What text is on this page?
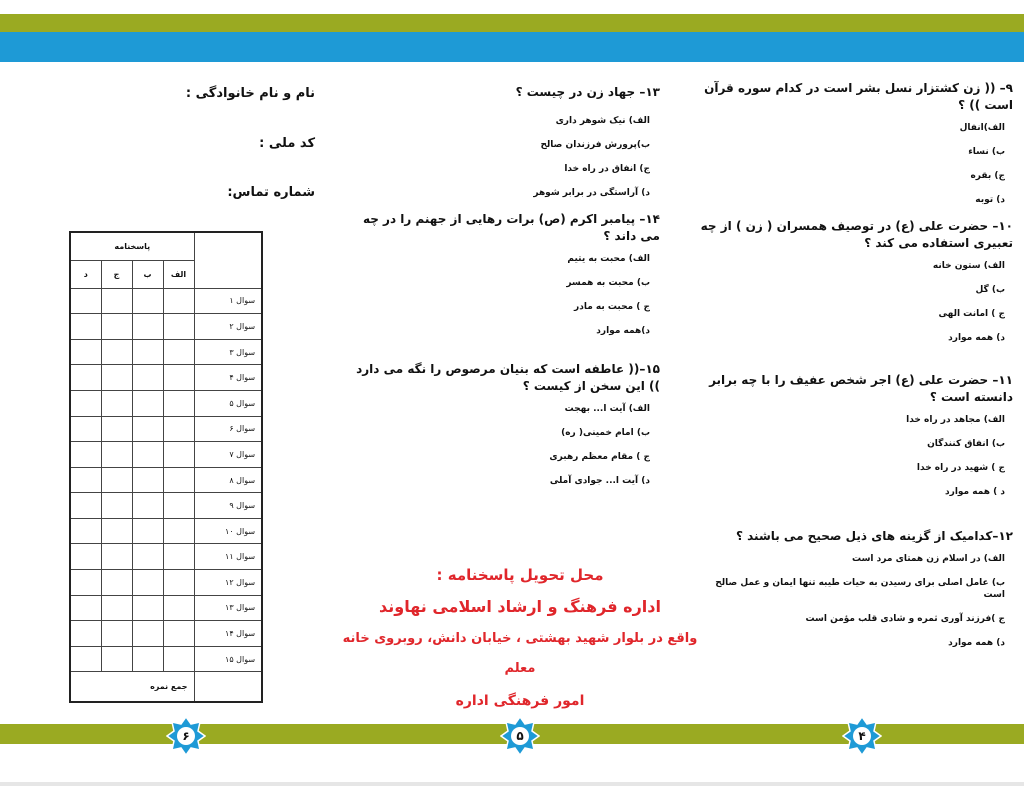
نام و نام خانوادگی :
کد ملی :
شماره تماس:
	پاسخنامه			
	الف	ب	ج	د
سوال ۱				
سوال ۲				
سوال ۳				
سوال ۴				
سوال ۵				
سوال ۶				
سوال ۷				
سوال ۸				
سوال ۹				
سوال ۱۰				
سوال ۱۱				
سوال ۱۲				
سوال ۱۳				
سوال ۱۴				
سوال ۱۵				
	جمع نمره			
۱۳– جهاد زن در چیست ؟
الف) نیک شوهر داری
ب)پرورش فرزندان صالح
ج) انفاق در راه خدا
د) آراستگی در برابر شوهر
۱۴– پیامبر اکرم (ص) برات رهایی از جهنم را در چه می داند ؟
الف) محبت به یتیم
ب) محبت به همسر
ج ) محبت به مادر
د)همه موارد
۱۵–(( عاطفه است که بنیان مرصوص را نگه می دارد )) این سخن از کیست ؟
الف) آیت ا... بهجت
ب) امام خمینی( ره)
ج ) مقام معظم رهبری
د) آیت ا... جوادی آملی
۹– (( زن کشتزار نسل بشر است در کدام سوره قرآن است )) ؟
الف)انفال
ب) نساء
ج) بقره
د) توبه
۱۰– حضرت علی (ع) در توصیف همسران ( زن ) از چه تعبیری استفاده می کند ؟
الف) ستون خانه
ب) گل
ج ) امانت الهی
د) همه موارد
۱۱– حضرت علی (ع) اجر شخص عفیف را با چه برابر دانسته است ؟
الف) مجاهد در راه خدا
ب) انفاق کنندگان
ج ) شهید در راه خدا
د ) همه موارد
۱۲–کدامیک از گزینه های ذیل صحیح می باشند ؟
الف) در اسلام زن همتای مرد است
ب) عامل اصلی برای رسیدن به حیات طیبه تنها ایمان و عمل صالح است
ج )فرزند آوری ثمره و شادی قلب مؤمن است
د) همه موارد
محل تحویل پاسخنامه :
اداره فرهنگ و ارشاد اسلامی نهاوند
واقع در بلوار شهید بهشتی ، خیابان دانش، روبروی خانه معلم
امور فرهنگی اداره
۶	۵	۴
